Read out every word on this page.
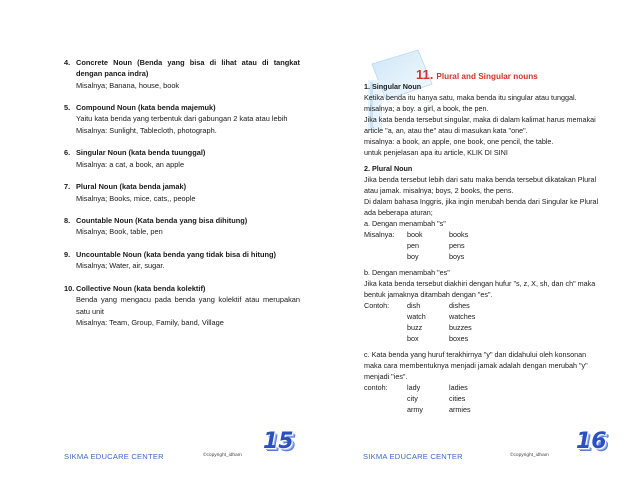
4. Concrete Noun (Benda yang bisa di lihat atau di tangkat dengan panca indra)
Misalnya; Banana, house, book
5. Compound Noun (kata benda majemuk)
Yaitu kata benda yang terbentuk dari gabungan 2 kata atau lebih
Misalnya: Sunlight, Tablecloth, photograph.
6. Singular Noun (kata benda tuunggal)
Misalnya: a cat, a book, an apple
7. Plural Noun (kata benda jamak)
Misalnya; Books, mice, cats,, people
8. Countable Noun (Kata benda yang bisa dihitung)
Misalnya; Book, table, pen
9. Uncountable Noun (kata benda yang tidak bisa di hitung)
Misalnya; Water, air, sugar.
10. Collective Noun (kata benda kolektif)
Benda yang mengacu pada benda yang kolektif atau merupakan satu unit
Misalnya: Team, Group, Family, band, Village
SIKMA EDUCARE CENTER	©copyright_idham
15
11. Plural and Singular nouns
1. Singular Noun
Ketika benda itu hanya satu, maka benda itu singular atau tunggal.
misalnya; a boy. a girl, a book, the pen.
Jika kata benda tersebut singular, maka di dalam kalimat harus memakai
article "a, an, atau the" atau di masukan kata "one".
misalnya: a book, an apple, one book, one pencil, the table.
untuk penjelasan apa itu article, KLIK DI SINI
2. Plural Noun
Jika benda tersebut lebih dari satu maka benda tersebut dikatakan Plural
atau jamak. misalnya; boys, 2 books, the pens.
Di dalam bahasa Inggris, jika ingin merubah benda dari Singular ke Plural
ada beberapa aturan;
a. Dengan menambah "s"
Misalnya:	book	books
pen	pens
boy	boys
b. Dengan menambah "es"
Jika kata benda tersebut diakhiri dengan hufur "s, z, X, sh, dan ch" maka
bentuk jamaknya ditambah dengan "es".
Contoh:	dish	dishes
watch	watches
buzz	buzzes
box	boxes
c. Kata benda yang huruf terakhirnya "y" dan didahului oleh konsonan
maka cara membentuknya menjadi jamak adalah dengan merubah "y"
menjadi "ies".
contoh:	lady	ladies
city	cities
army	armies
SIKMA EDUCARE CENTER	©copyright_idham
16
